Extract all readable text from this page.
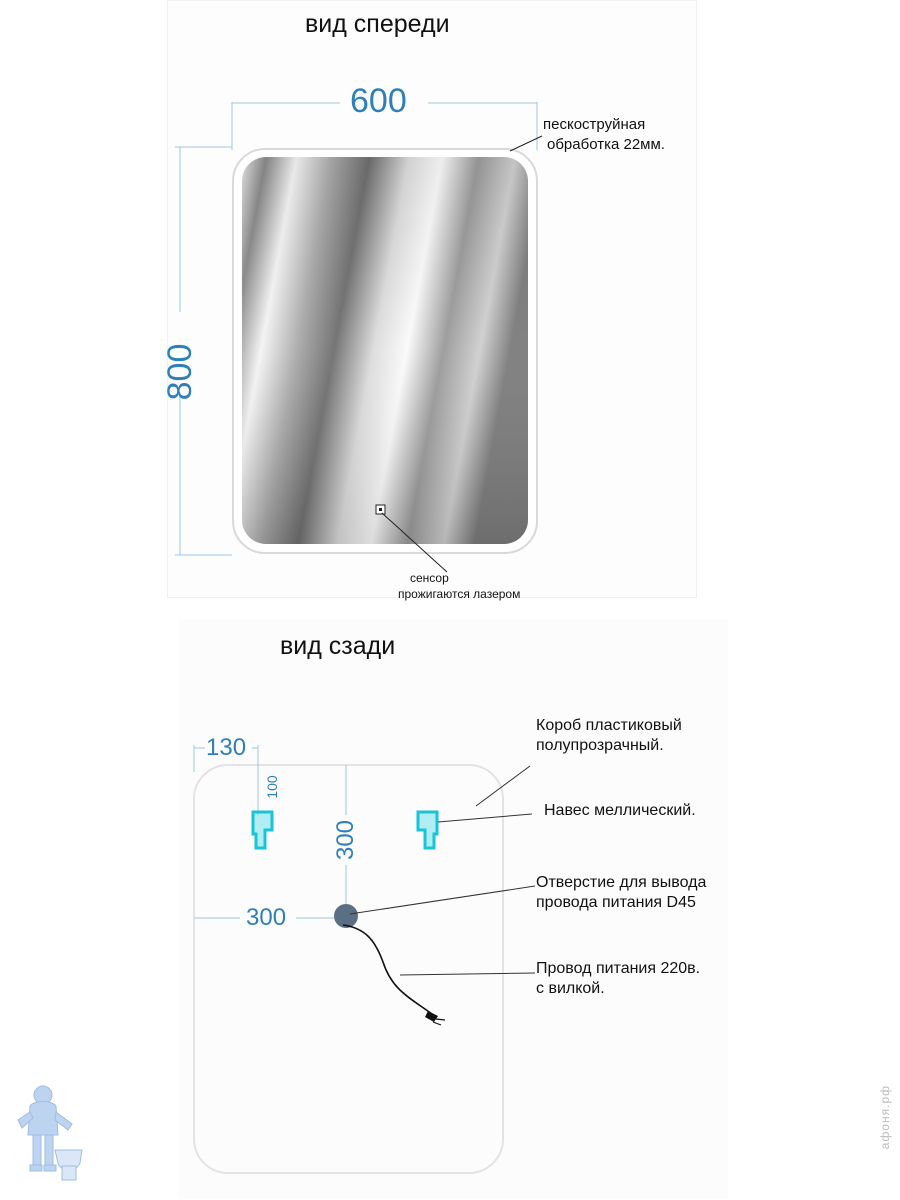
вид спереди
вид сзади
600
800
пескоструйная
обработка 22мм.
сенсор
прожигаются лазером
130
100
300
300
Короб пластиковый
полупрозрачный.
Навес меллический.
Отверстие для вывода
провода питания D45
Провод питания 220в.
с вилкой.
афоня.рф
